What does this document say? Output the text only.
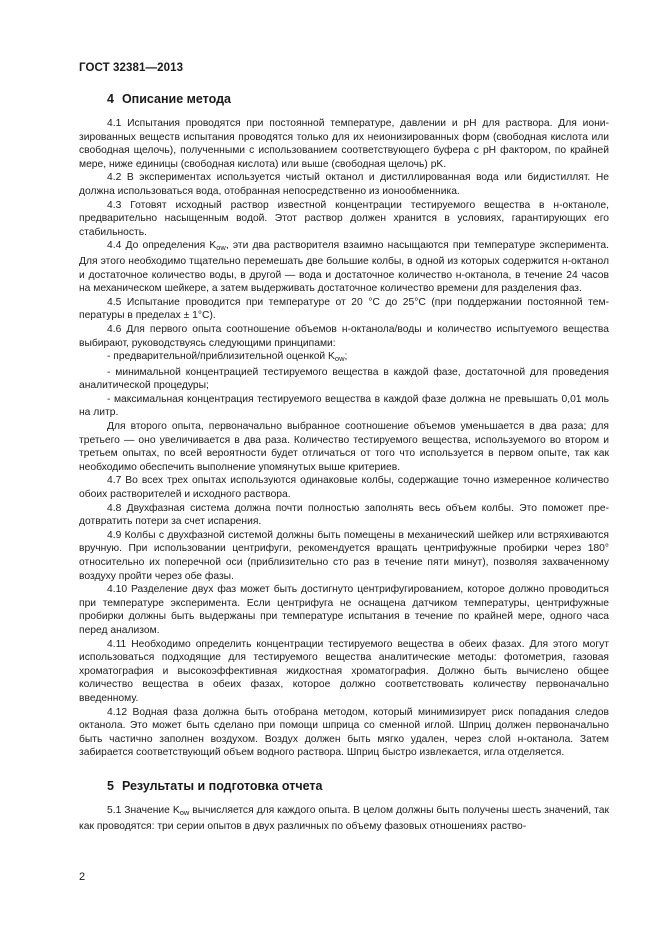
ГОСТ 32381—2013
4 Описание метода

4.1 Испытания проводятся при постоянной температуре, давлении и pH для раствора. Для ионизированных веществ испытания проводятся только для их неионизированных форм (свободная кислота или свободная щелочь), полученными с использованием соответствующего буфера с pH фактором, по крайней мере, ниже единицы (свободная кислота) или выше (свободная щелочь) pK.

4.2 В экспериментах используется чистый октанол и дистиллированная вода или бидистиллят. Не должна использоваться вода, отобранная непосредственно из ионообменника.

4.3 Готовят исходный раствор известной концентрации тестируемого вещества в н-октаноле, предварительно насыщенным водой. Этот раствор должен хранится в условиях, гарантирующих его стабильность.

4.4 До определения $K_{ow}$, эти два растворителя взаимно насыщаются при температуре эксперимента. Для этого необходимо тщательно перемешать две большие колбы, в одной из которых содержится н-октанол и достаточное количество воды, в другой — вода и достаточное количество н-октанола, в течение 24 часов на механическом шейкере, а затем выдерживать достаточное количество времени для разделения фаз.

4.5 Испытание проводится при температуре от 20 °C до 25°C (при поддержании постоянной температуры в пределах ± 1°C).

4.6 Для первого опыта соотношение объемов н-октанола/воды и количество испытуемого вещества выбирают, руководствуясь следующими принципами:

- предварительной/приблизительной оценкой $K_{ow}$;

- минимальной концентрацией тестируемого вещества в каждой фазе, достаточной для проведения аналитической процедуры;

- максимальная концентрация тестируемого вещества в каждой фазе должна не превышать 0,01 моль на литр.

Для второго опыта, первоначально выбранное соотношение объемов уменьшается в два раза; для третьего — оно увеличивается в два раза. Количество тестируемого вещества, используемого во втором и третьем опытах, по всей вероятности будет отличаться от того что используется в первом опыте, так как необходимо обеспечить выполнение упомянутых выше критериев.

4.7 Во всех трех опытах используются одинаковые колбы, содержащие точно измеренное количество обоих растворителей и исходного раствора.

4.8 Двухфазная система должна почти полностью заполнять весь объем колбы. Это поможет предотвратить потери за счет испарения.

4.9 Колбы с двухфазной системой должны быть помещены в механический шейкер или встряхиваются вручную. При использовании центрифуги, рекомендуется вращать центрифужные пробирки через 180° относительно их поперечной оси (приблизительно сто раз в течение пяти минут), позволяя захваченному воздуху пройти через обе фазы.

4.10 Разделение двух фаз может быть достигнуто центрифугированием, которое должно проводиться при температуре эксперимента. Если центрифуга не оснащена датчиком температуры, центрифужные пробирки должны быть выдержаны при температуре испытания в течение по крайней мере, одного часа перед анализом.

4.11 Необходимо определить концентрации тестируемого вещества в обеих фазах. Для этого могут использоваться подходящие для тестируемого вещества аналитические методы: фотометрия, газовая хроматография и высокоэффективная жидкостная хроматография. Должно быть вычислено общее количество вещества в обеих фазах, которое должно соответствовать количеству первоначально введенному.

4.12 Водная фаза должна быть отобрана методом, который минимизирует риск попадания следов октанола. Это может быть сделано при помощи шприца со сменной иглой. Шприц должен первоначально быть частично заполнен воздухом. Воздух должен быть мягко удален, через слой н-октанола. Затем забирается соответствующий объем водного раствора. Шприц быстро извлекается, игла отделяется.

5 Результаты и подготовка отчета

5.1 Значение $K_{ow}$ вычисляется для каждого опыта. В целом должны быть получены шесть значений, так как проводятся: три серии опытов в двух различных по объему фазовых отношениях раство-

2
